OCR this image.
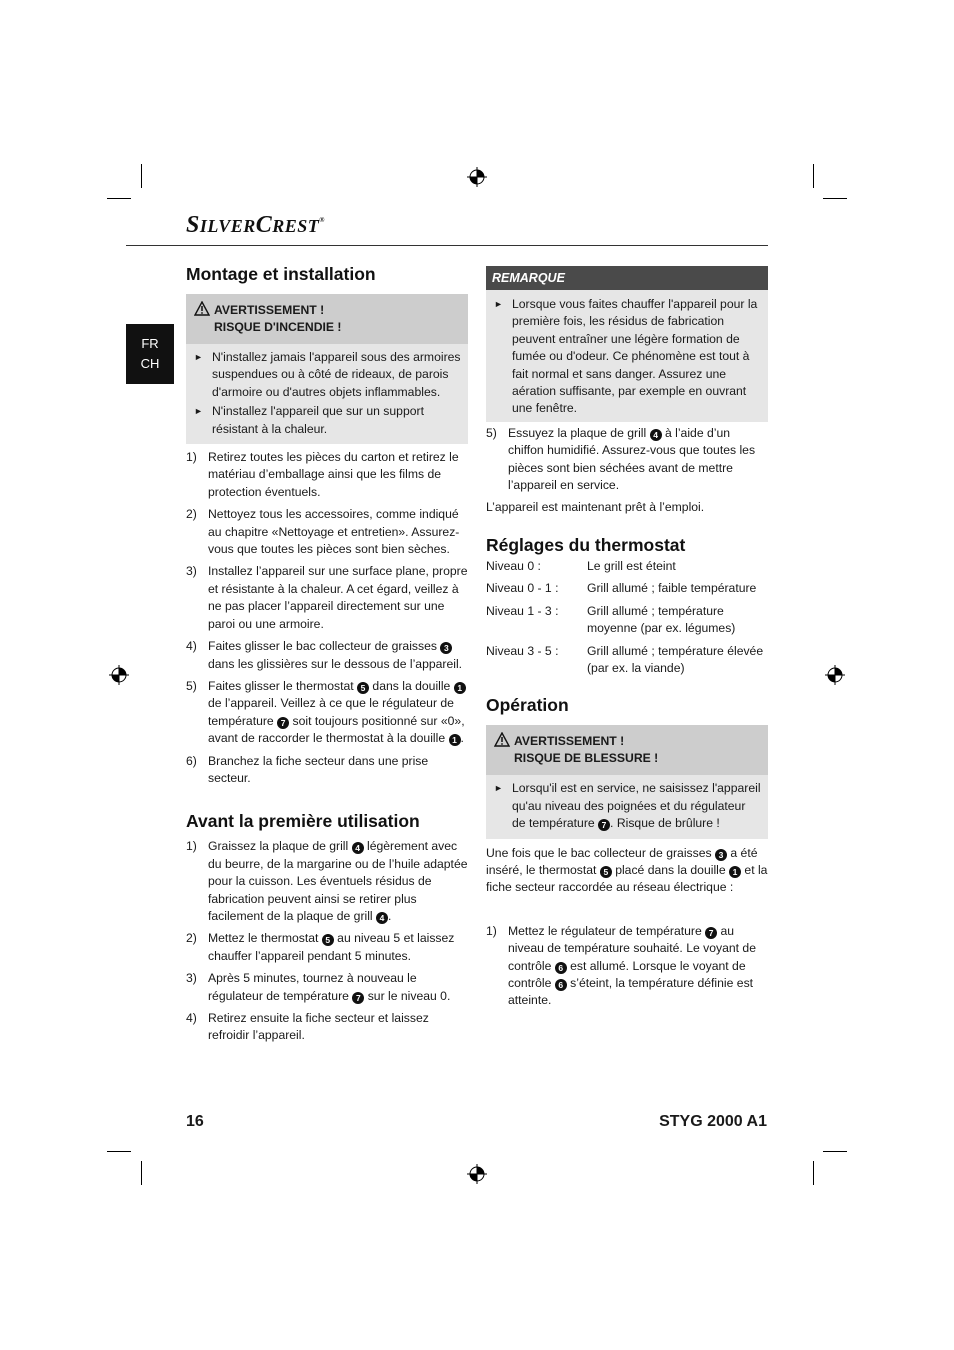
SILVERCREST®
FR
CH
Montage et installation
AVERTISSEMENT !
RISQUE D'INCENDIE !
► N'installez jamais l'appareil sous des armoires suspendues ou à côté de rideaux, de parois d'armoire ou d'autres objets inflammables.
► N'installez l'appareil que sur un support résistant à la chaleur.
1) Retirez toutes les pièces du carton et retirez le matériau d’emballage ainsi que les films de protection éventuels.
2) Nettoyez tous les accessoires, comme indiqué au chapitre «Nettoyage et entretien». Assurez-vous que toutes les pièces sont bien sèches.
3) Installez l’appareil sur une surface plane, propre et résistante à la chaleur. A cet égard, veillez à ne pas placer l’appareil directement sur une paroi ou une armoire.
4) Faites glisser le bac collecteur de graisses 3 dans les glissières sur le dessous de l’appareil.
5) Faites glisser le thermostat 5 dans la douille 1 de l’appareil. Veillez à ce que le régulateur de température 7 soit toujours positionné sur «0», avant de raccorder le thermostat à la douille 1 .
6) Branchez la fiche secteur dans une prise secteur.
Avant la première utilisation
1) Graissez la plaque de grill 4 légèrement avec du beurre, de la margarine ou de l’huile adaptée pour la cuisson. Les éventuels résidus de fabrication peuvent ainsi se retirer plus facilement de la plaque de grill 4 .
2) Mettez le thermostat 5 au niveau 5 et laissez chauffer l’appareil pendant 5 minutes.
3) Après 5 minutes, tournez à nouveau le régulateur de température 7 sur le niveau 0.
4) Retirez ensuite la fiche secteur et laissez refroidir l’appareil.
REMARQUE
► Lorsque vous faites chauffer l'appareil pour la première fois, les résidus de fabrication peuvent entraîner une légère formation de fumée ou d'odeur. Ce phénomène est tout à fait normal et sans danger. Assurez une aération suffisante, par exemple en ouvrant une fenêtre.
5) Essuyez la plaque de grill 4 à l’aide d’un chiffon humidifié. Assurez-vous que toutes les pièces sont bien séchées avant de mettre l’appareil en service.

L’appareil est maintenant prêt à l’emploi.

Réglages du thermostat
Niveau 0 :	Le grill est éteint
Niveau 0 - 1 :	Grill allumé ; faible température
Niveau 1 - 3 :	Grill allumé ; température moyenne (par ex. légumes)
Niveau 3 - 5 :	Grill allumé ; température élevée (par ex. la viande)
Opération
AVERTISSEMENT !
RISQUE DE BLESSURE !
► Lorsqu'il est en service, ne saisissez l'appareil qu'au niveau des poignées et du régulateur de température 7 . Risque de brûlure !

Une fois que le bac collecteur de graisses 3 a été inséré, le thermostat 5 placé dans la douille 1 et la fiche secteur raccordée au réseau électrique :

1) Mettez le régulateur de température 7 au niveau de température souhaité. Le voyant de contrôle 6 est allumé. Lorsque le voyant de contrôle 6 s’éteint, la température définie est atteinte.
16	STYG 2000 A1
